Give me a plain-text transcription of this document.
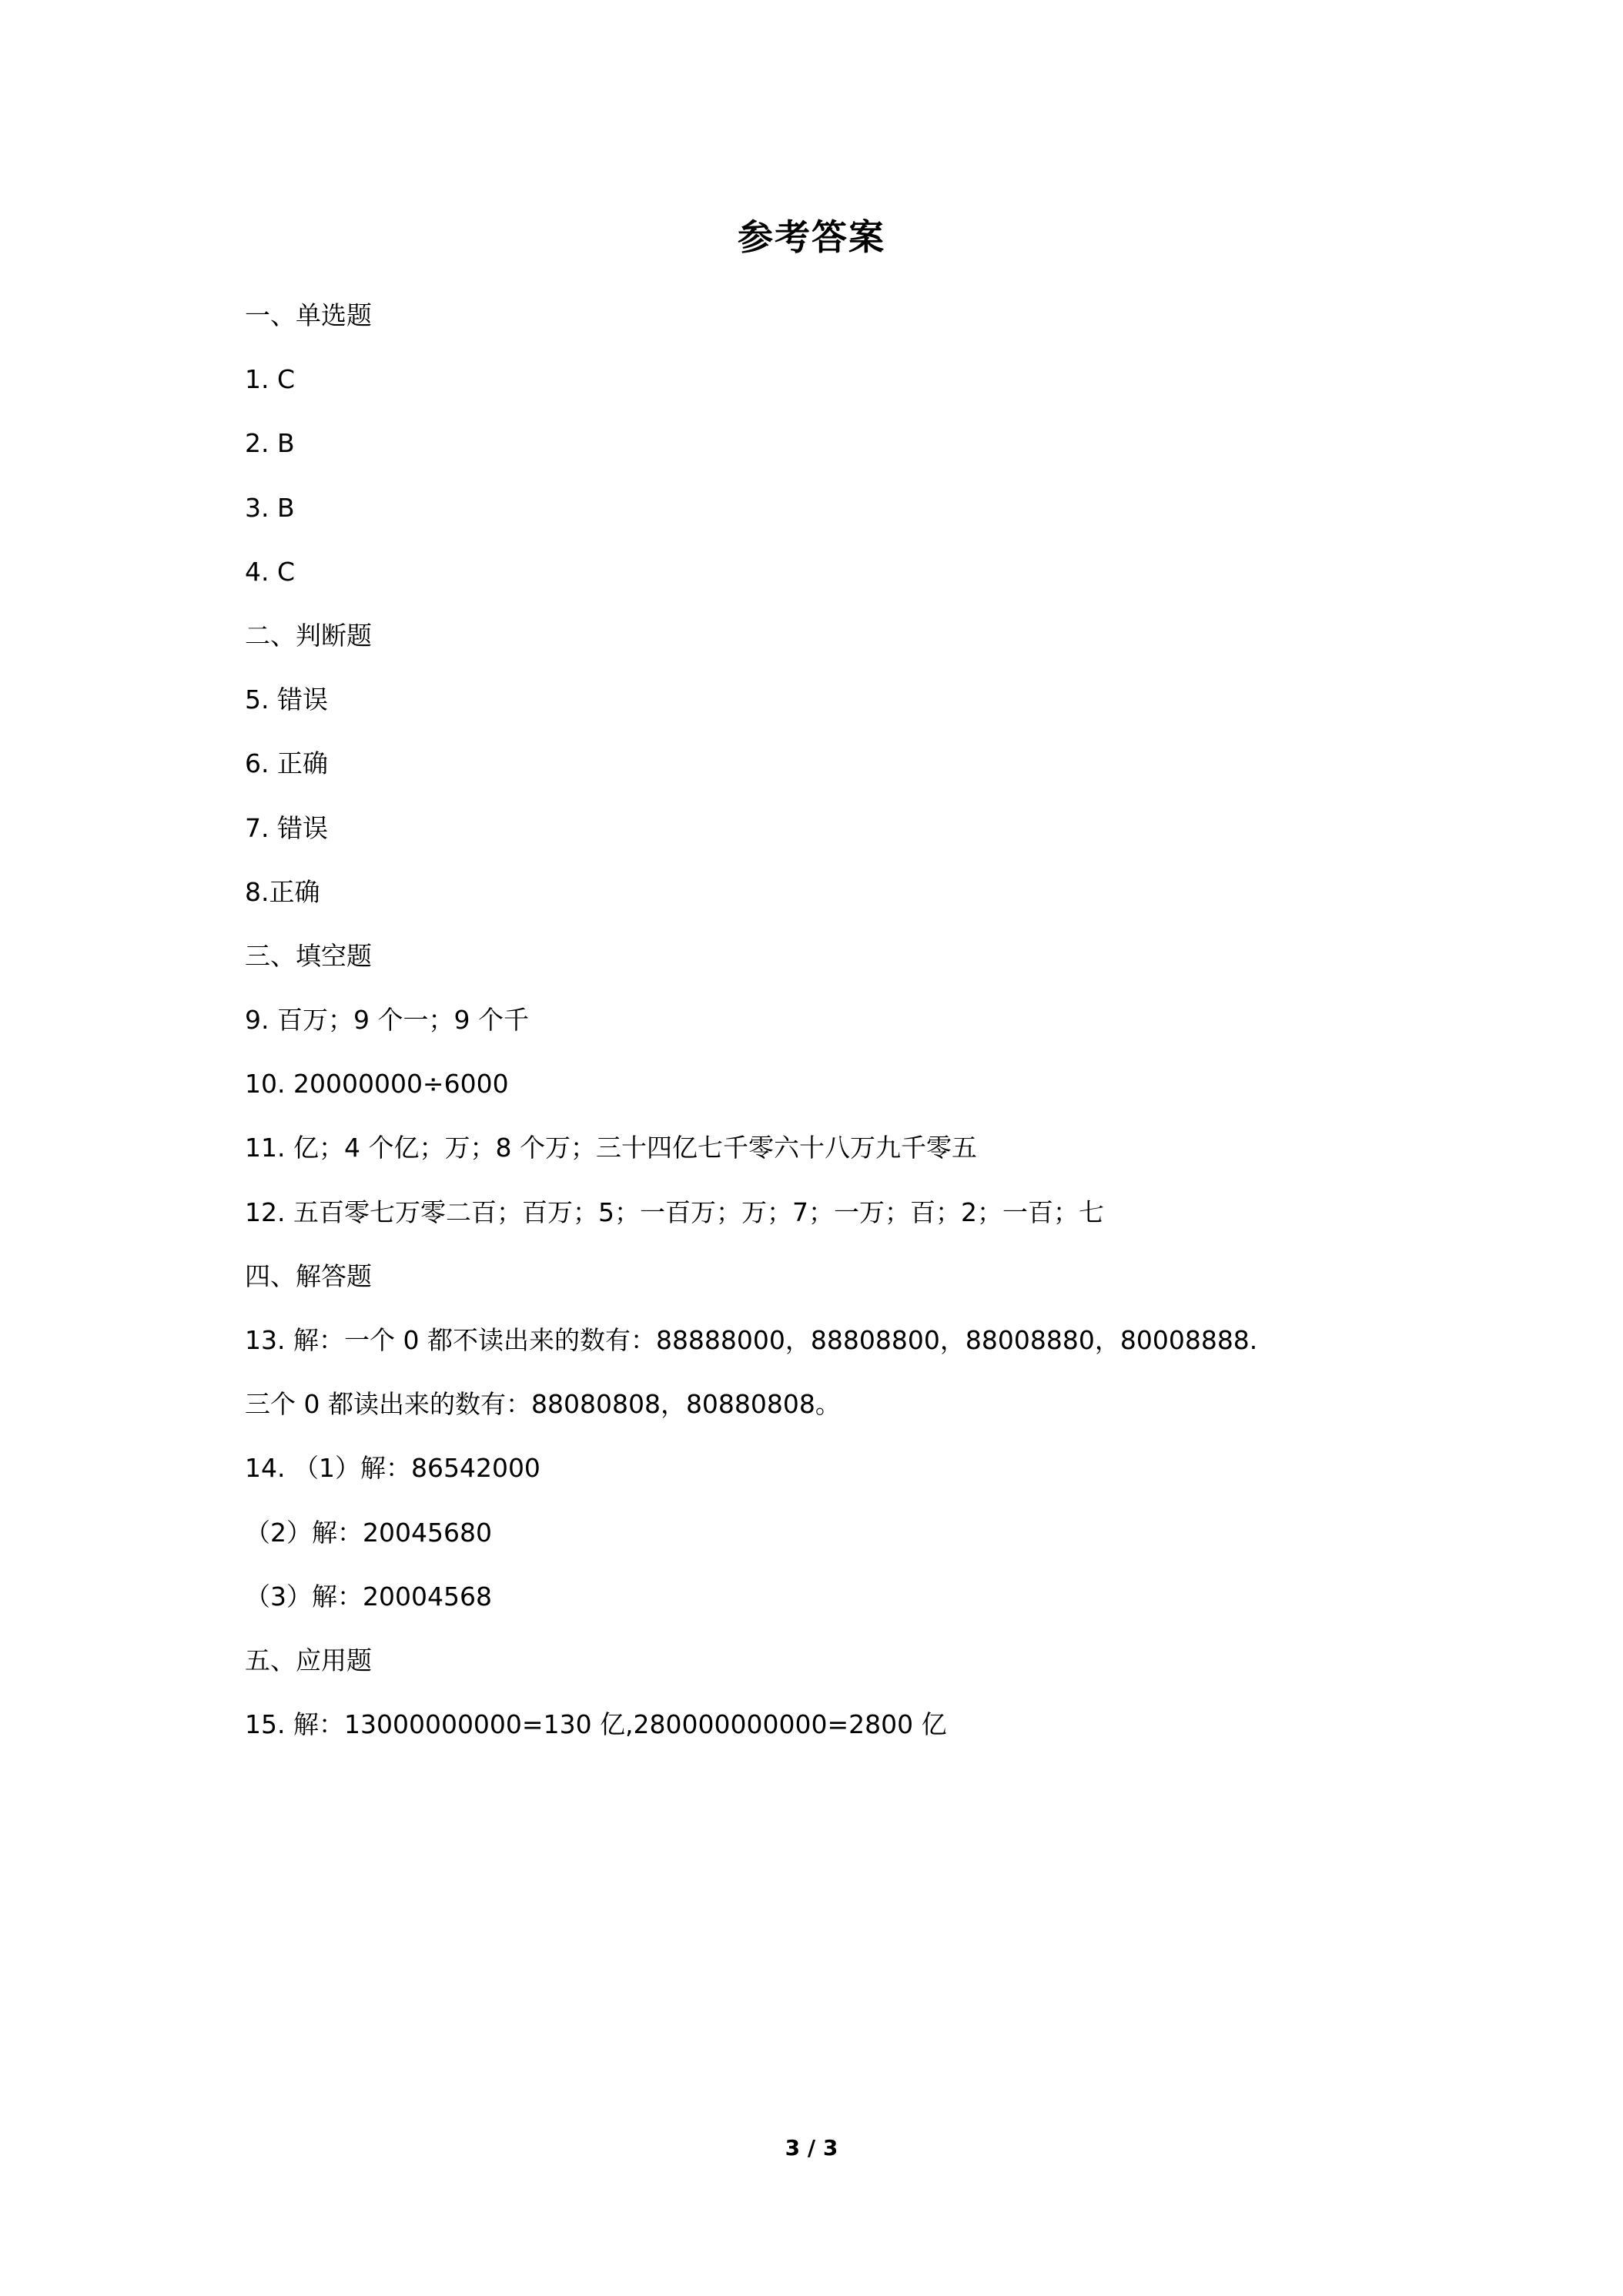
参考答案
一、单选题
1. C
2. B
3. B
4. C
二、判断题
5. 错误
6. 正确
7. 错误
8.正确
三、填空题
9. 百万；9 个一；9 个千
10. 20000000÷6000
11. 亿；4 个亿；万；8 个万；三十四亿七千零六十八万九千零五
12. 五百零七万零二百；百万；5；一百万；万；7；一万；百；2；一百；七
四、解答题
13. 解：一个 0 都不读出来的数有：88888000，88808800，88008880，80008888.
三个 0 都读出来的数有：88080808，80880808。
14. （1）解：86542000
（2）解：20045680
（3）解：20004568
五、应用题
15. 解：13000000000=130 亿,280000000000=2800 亿
3 / 3
